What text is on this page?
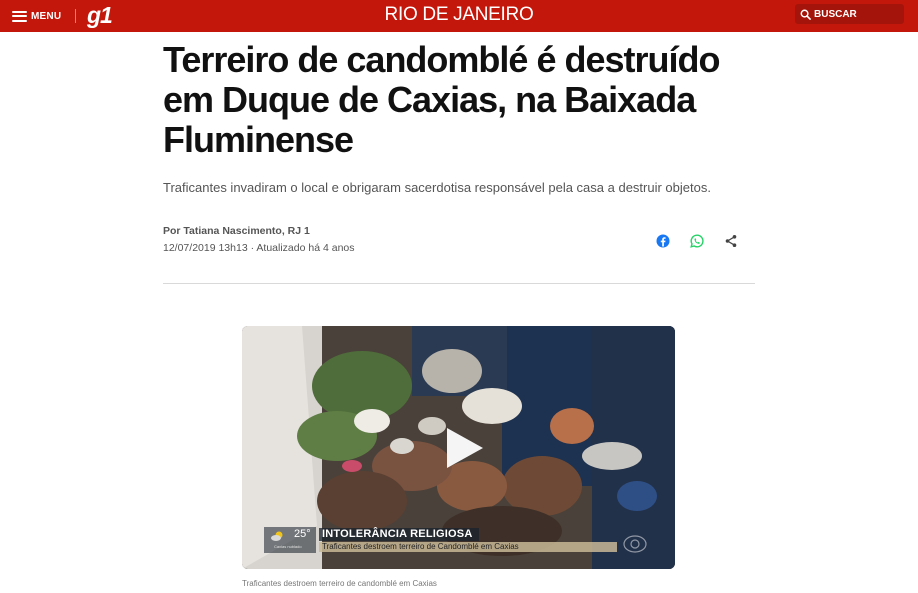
MENU g1	RIO DE JANEIRO	BUSCAR
Terreiro de candomblé é destruído em Duque de Caxias, na Baixada Fluminense

Traficantes invadiram o local e obrigaram sacerdotisa responsável pela casa a destruir objetos.

Por Tatiana Nascimento, RJ 1
12/07/2019 13h13 · Atualizado há 4 anos
25°
Caxias nublado
INTOLERÂNCIA RELIGIOSA
Traficantes destroem terreiro de Candomblé em Caxias
Traficantes destroem terreiro de candomblé em Caxias
